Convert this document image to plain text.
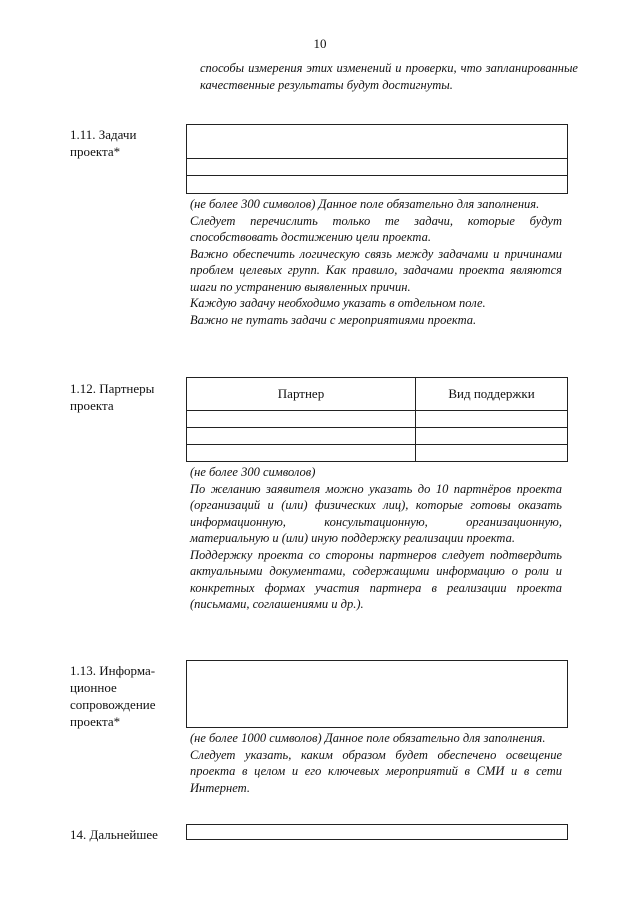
10
способы измерения этих изменений и проверки, что запланированные качественные результаты будут достигнуты.
1.11. Задачи проекта*

(не более 300 символов) Данное поле обязательно для заполнения.

Следует перечислить только те задачи, которые будут способствовать достижению цели проекта.

Важно обеспечить логическую связь между задачами и причинами проблем целевых групп. Как правило, задачами проекта являются шаги по устранению выявленных причин.

Каждую задачу необходимо указать в отдельном поле.

Важно не путать задачи с мероприятиями проекта.

1.12. Партнеры проекта
Партнер	Вид поддержки

(не более 300 символов)

По желанию заявителя можно указать до 10 партнёров проекта (организаций и (или) физических лиц), которые готовы оказать информационную, консультационную, организационную, материальную и (или) иную поддержку реализации проекта.

Поддержку проекта со стороны партнеров следует подтвердить актуальными документами, содержащими информацию о роли и конкретных формах участия партнера в реализации проекта (письмами, соглашениями и др.).

1.13. Информа-ционное сопровождение проекта*

(не более 1000 символов) Данное поле обязательно для заполнения.

Следует указать, каким образом будет обеспечено освещение проекта в целом и его ключевых мероприятий в СМИ и в сети Интернет.

14. Дальнейшее
